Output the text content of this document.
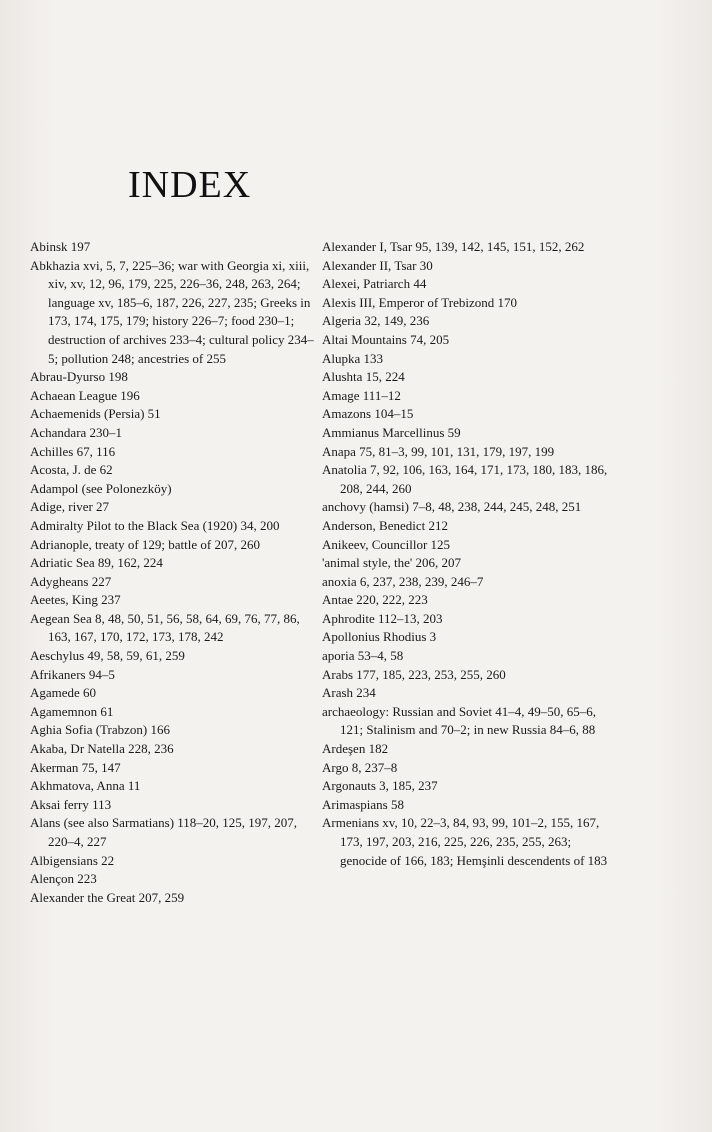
INDEX

Abinsk 197

Abkhazia xvi, 5, 7, 225–36; war with Georgia xi, xiii, xiv, xv, 12, 96, 179, 225, 226–36, 248, 263, 264; language xv, 185–6, 187, 226, 227, 235; Greeks in 173, 174, 175, 179; history 226–7; food 230–1; destruction of archives 233–4; cultural policy 234–5; pollution 248; ancestries of 255

Abrau-Dyurso 198

Achaean League 196

Achaemenids (Persia) 51

Achandara 230–1

Achilles 67, 116

Acosta, J. de 62

Adampol (see Polonezköy)

Adige, river 27

Admiralty Pilot to the Black Sea (1920) 34, 200

Adrianople, treaty of 129; battle of 207, 260

Adriatic Sea 89, 162, 224

Adygheans 227

Aeetes, King 237

Aegean Sea 8, 48, 50, 51, 56, 58, 64, 69, 76, 77, 86, 163, 167, 170, 172, 173, 178, 242

Aeschylus 49, 58, 59, 61, 259

Afrikaners 94–5

Agamede 60

Agamemnon 61

Aghia Sofia (Trabzon) 166

Akaba, Dr Natella 228, 236

Akerman 75, 147

Akhmatova, Anna 11

Aksai ferry 113

Alans (see also Sarmatians) 118–20, 125, 197, 207, 220–4, 227

Albigensians 22

Alençon 223

Alexander the Great 207, 259

Alexander I, Tsar 95, 139, 142, 145, 151, 152, 262

Alexander II, Tsar 30

Alexei, Patriarch 44

Alexis III, Emperor of Trebizond 170

Algeria 32, 149, 236

Altai Mountains 74, 205

Alupka 133

Alushta 15, 224

Amage 111–12

Amazons 104–15

Ammianus Marcellinus 59

Anapa 75, 81–3, 99, 101, 131, 179, 197, 199

Anatolia 7, 92, 106, 163, 164, 171, 173, 180, 183, 186, 208, 244, 260

anchovy (hamsi) 7–8, 48, 238, 244, 245, 248, 251

Anderson, Benedict 212

Anikeev, Councillor 125

'animal style, the' 206, 207

anoxia 6, 237, 238, 239, 246–7

Antae 220, 222, 223

Aphrodite 112–13, 203

Apollonius Rhodius 3

aporia 53–4, 58

Arabs 177, 185, 223, 253, 255, 260

Arash 234

archaeology: Russian and Soviet 41–4, 49–50, 65–6, 121; Stalinism and 70–2; in new Russia 84–6, 88

Ardeşen 182

Argo 8, 237–8

Argonauts 3, 185, 237

Arimaspians 58

Armenians xv, 10, 22–3, 84, 93, 99, 101–2, 155, 167, 173, 197, 203, 216, 225, 226, 235, 255, 263; genocide of 166, 183; Hemşinli descendents of 183
